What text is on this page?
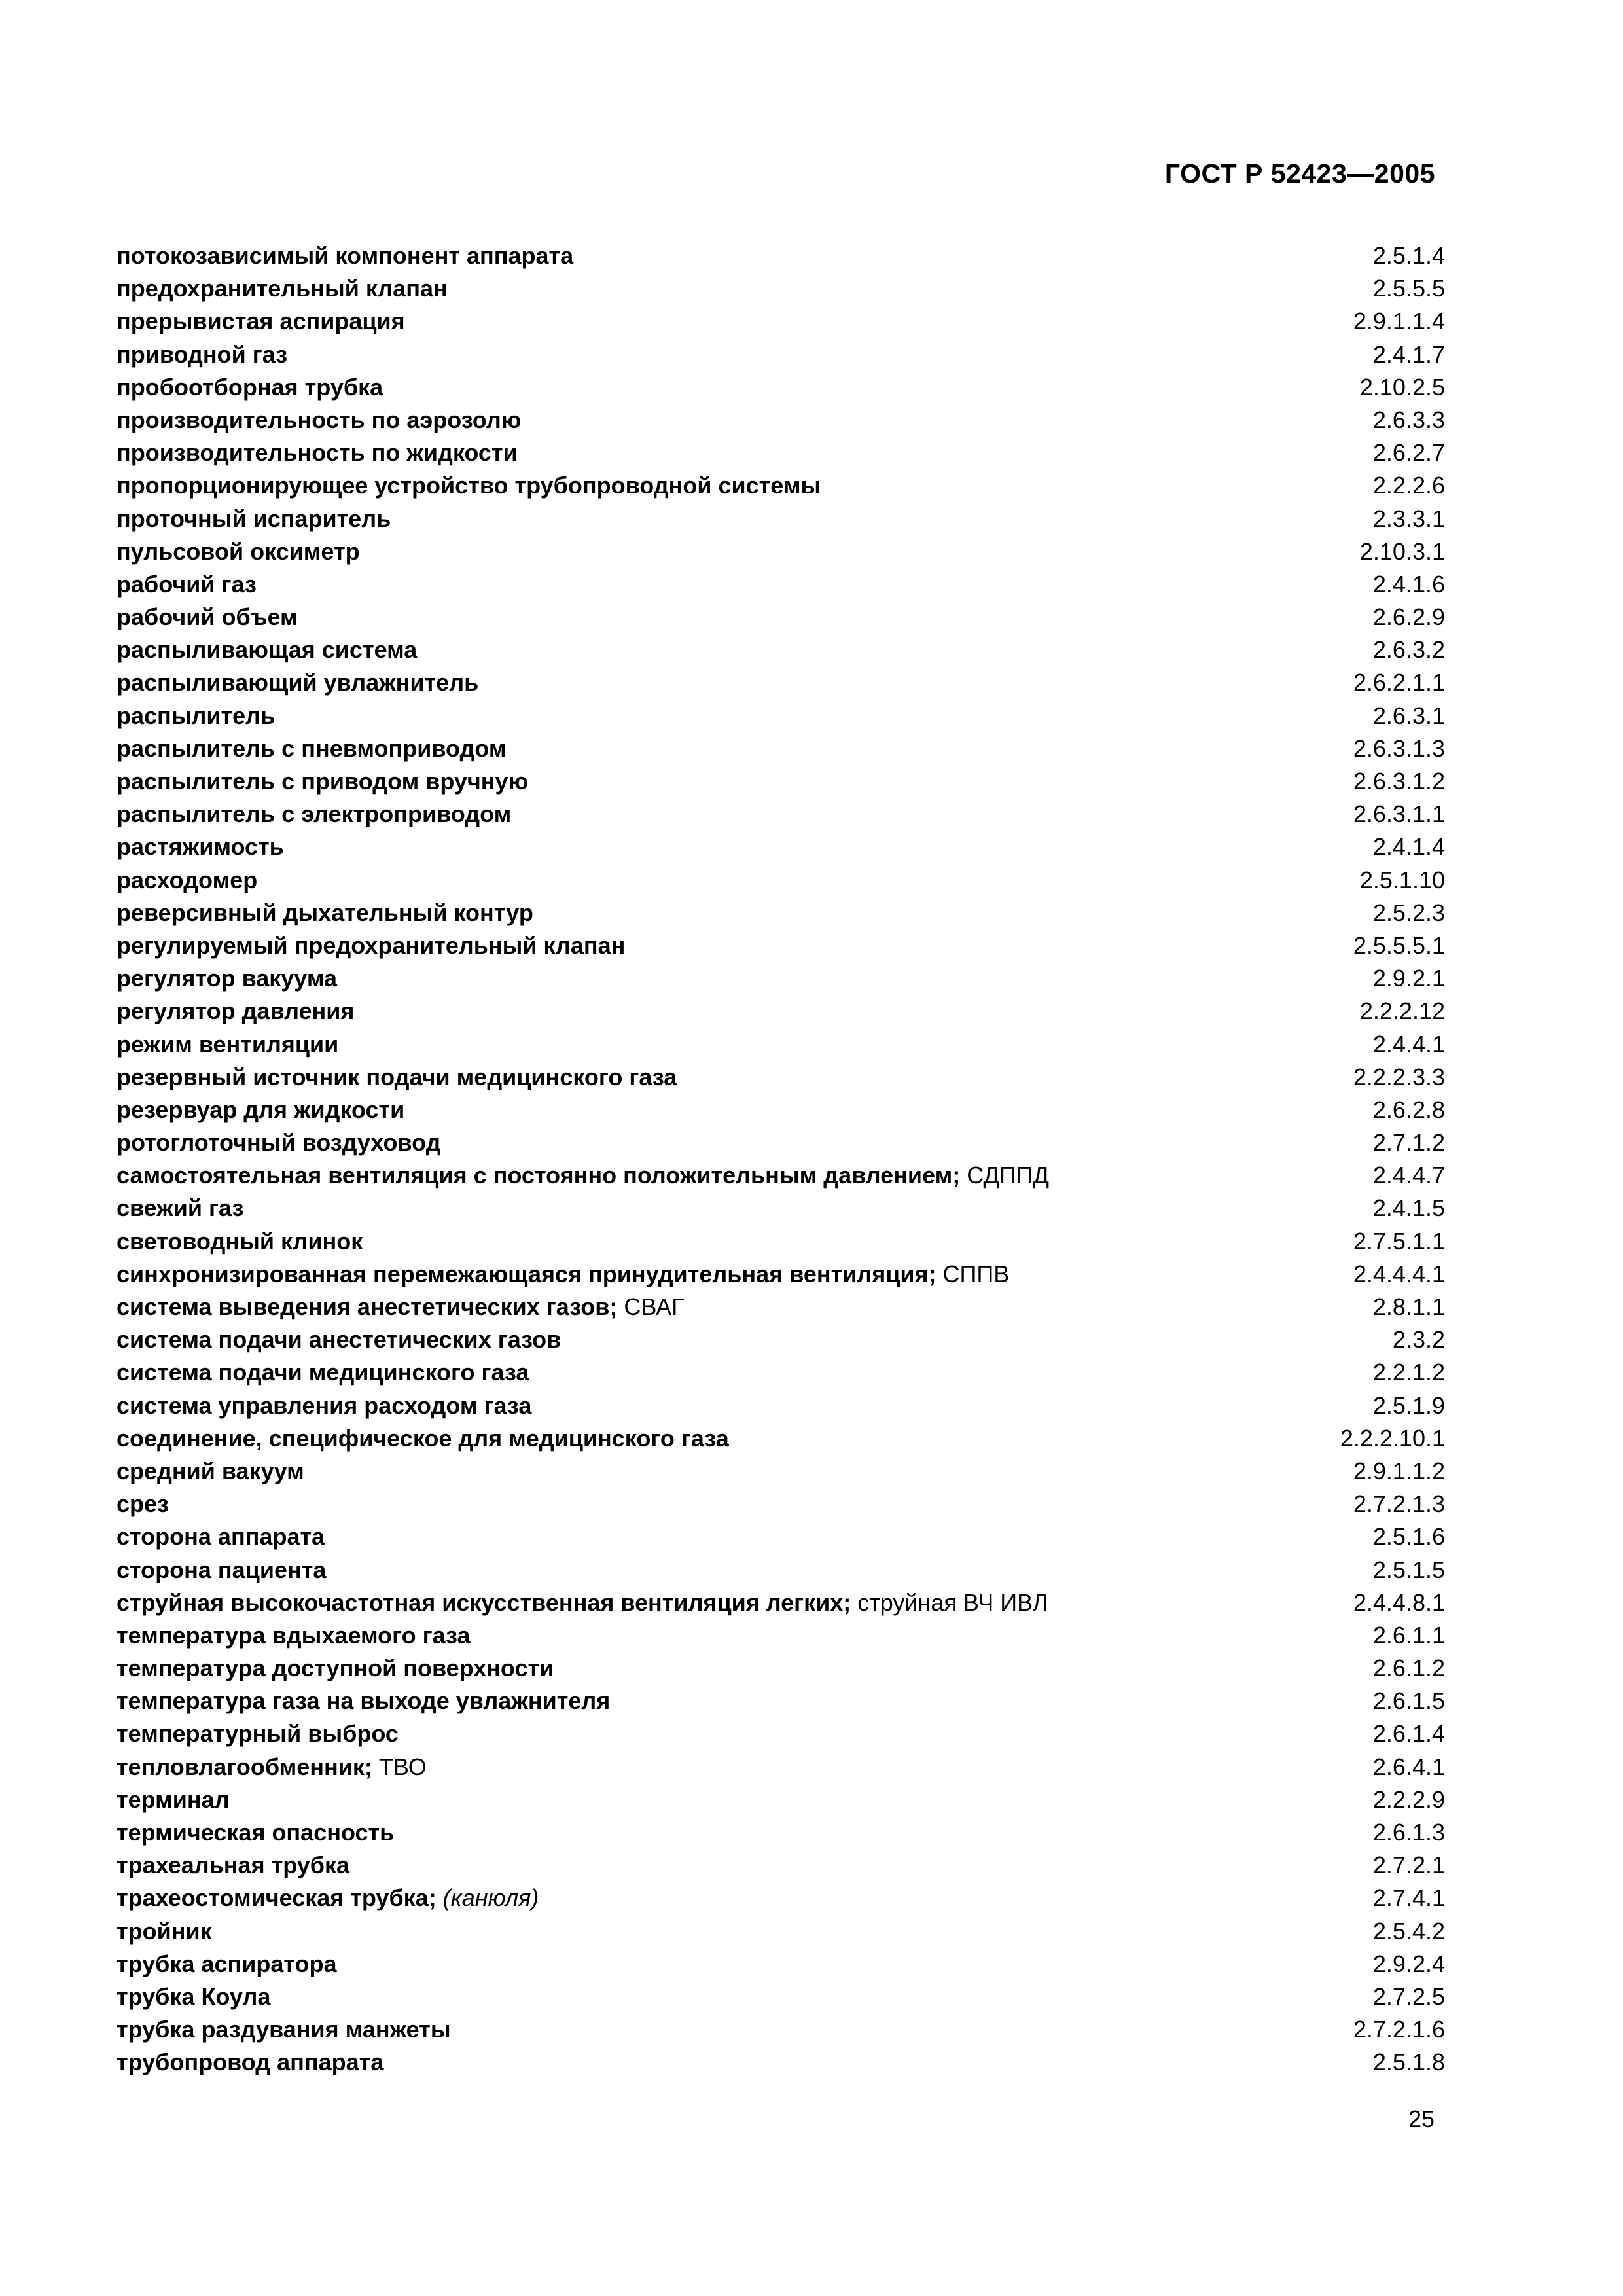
ГОСТ Р 52423—2005
потокозависимый компонент аппарата	2.5.1.4
предохранительный клапан	2.5.5.5
прерывистая аспирация	2.9.1.1.4
приводной газ	2.4.1.7
пробоотборная трубка	2.10.2.5
производительность по аэрозолю	2.6.3.3
производительность по жидкости	2.6.2.7
пропорционирующее устройство трубопроводной системы	2.2.2.6
проточный испаритель	2.3.3.1
пульсовой оксиметр	2.10.3.1
рабочий газ	2.4.1.6
рабочий объем	2.6.2.9
распыливающая система	2.6.3.2
распыливающий увлажнитель	2.6.2.1.1
распылитель	2.6.3.1
распылитель с пневмоприводом	2.6.3.1.3
распылитель с приводом вручную	2.6.3.1.2
распылитель с электроприводом	2.6.3.1.1
растяжимость	2.4.1.4
расходомер	2.5.1.10
реверсивный дыхательный контур	2.5.2.3
регулируемый предохранительный клапан	2.5.5.5.1
регулятор вакуума	2.9.2.1
регулятор давления	2.2.2.12
режим вентиляции	2.4.4.1
резервный источник подачи медицинского газа	2.2.2.3.3
резервуар для жидкости	2.6.2.8
ротоглоточный воздуховод	2.7.1.2
самостоятельная вентиляция с постоянно положительным давлением; СДППД	2.4.4.7
свежий газ	2.4.1.5
световодный клинок	2.7.5.1.1
синхронизированная перемежающаяся принудительная вентиляция; СППВ	2.4.4.4.1
система выведения анестетических газов; СВАГ	2.8.1.1
система подачи анестетических газов	2.3.2
система подачи медицинского газа	2.2.1.2
система управления расходом газа	2.5.1.9
соединение, специфическое для медицинского газа	2.2.2.10.1
средний вакуум	2.9.1.1.2
срез	2.7.2.1.3
сторона аппарата	2.5.1.6
сторона пациента	2.5.1.5
струйная высокочастотная искусственная вентиляция легких; струйная ВЧ ИВЛ	2.4.4.8.1
температура вдыхаемого газа	2.6.1.1
температура доступной поверхности	2.6.1.2
температура газа на выходе увлажнителя	2.6.1.5
температурный выброс	2.6.1.4
тепловлагообменник; ТВО	2.6.4.1
терминал	2.2.2.9
термическая опасность	2.6.1.3
трахеальная трубка	2.7.2.1
трахеостомическая трубка; (канюля)	2.7.4.1
тройник	2.5.4.2
трубка аспиратора	2.9.2.4
трубка Коула	2.7.2.5
трубка раздувания манжеты	2.7.2.1.6
трубопровод аппарата	2.5.1.8
25
